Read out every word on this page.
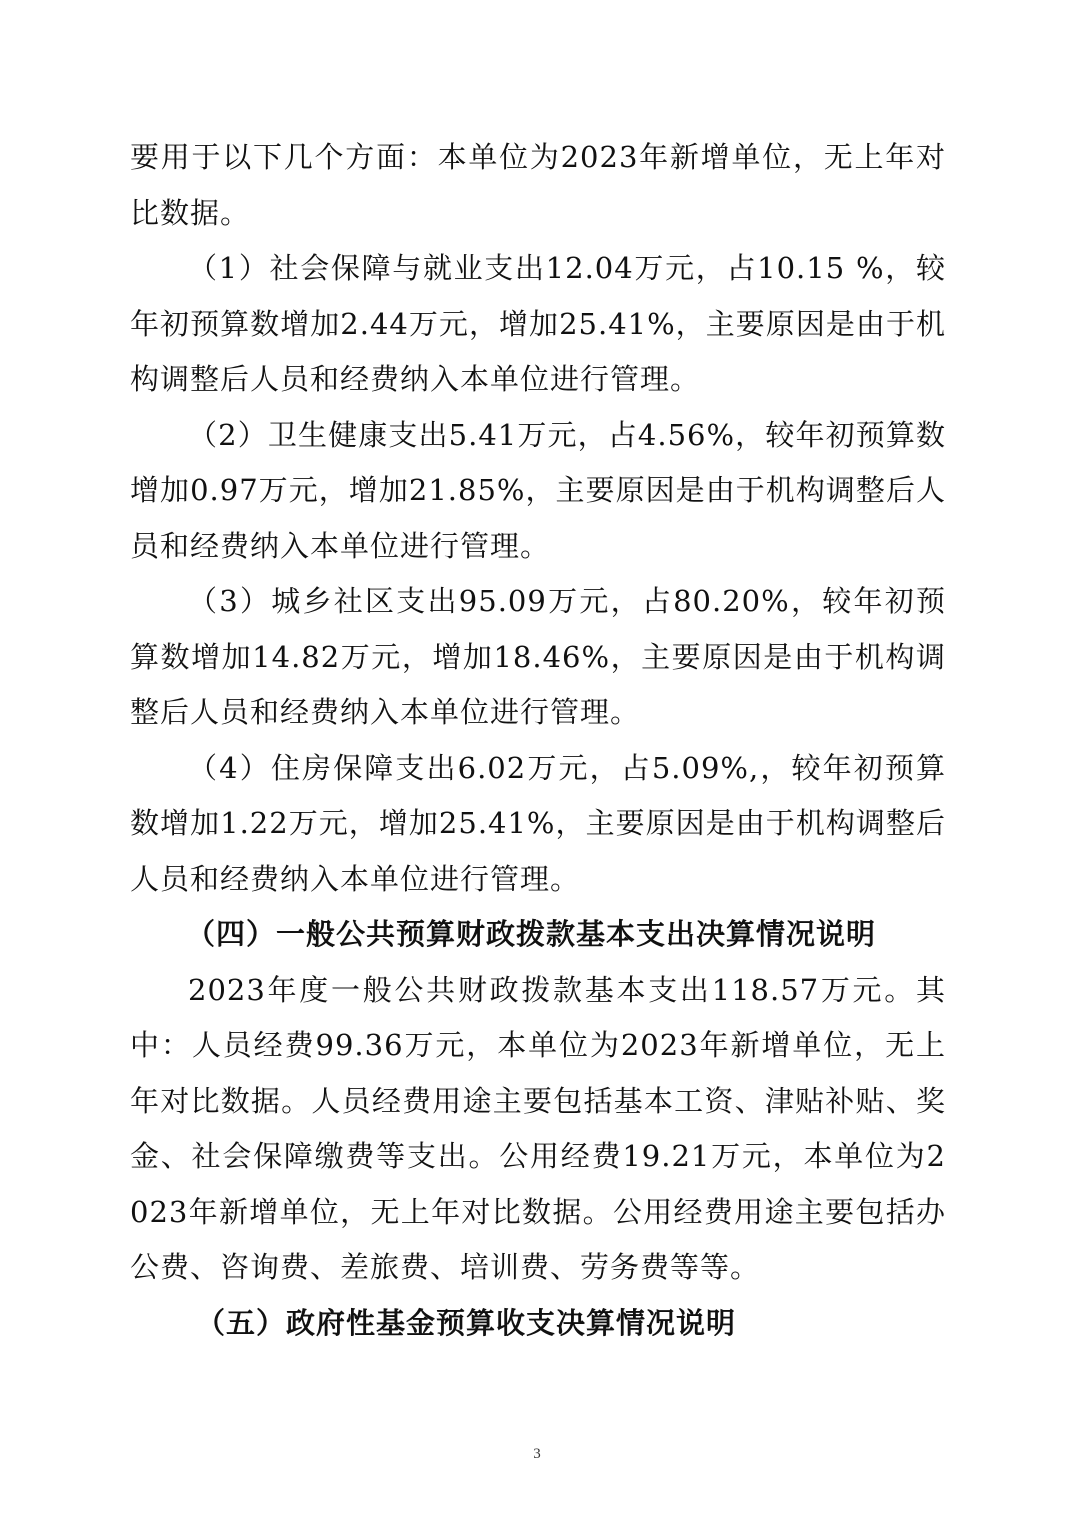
要用于以下几个方面：本单位为2023年新增单位，无上年对比数据。

（1）社会保障与就业支出12.04万元，占10.15 %，较年初预算数增加2.44万元，增加25.41%，主要原因是由于机构调整后人员和经费纳入本单位进行管理。

（2）卫生健康支出5.41万元，占4.56%，较年初预算数增加0.97万元，增加21.85%，主要原因是由于机构调整后人员和经费纳入本单位进行管理。

（3）城乡社区支出95.09万元，占80.20%，较年初预算数增加14.82万元，增加18.46%，主要原因是由于机构调整后人员和经费纳入本单位进行管理。

（4）住房保障支出6.02万元，占5.09%,，较年初预算数增加1.22万元，增加25.41%，主要原因是由于机构调整后人员和经费纳入本单位进行管理。

（四）一般公共预算财政拨款基本支出决算情况说明

2023年度一般公共财政拨款基本支出118.57万元。其中：人员经费99.36万元，本单位为2023年新增单位，无上年对比数据。人员经费用途主要包括基本工资、津贴补贴、奖金、社会保障缴费等支出。公用经费19.21万元，本单位为2023年新增单位，无上年对比数据。公用经费用途主要包括办公费、咨询费、差旅费、培训费、劳务费等等。

（五）政府性基金预算收支决算情况说明

3
